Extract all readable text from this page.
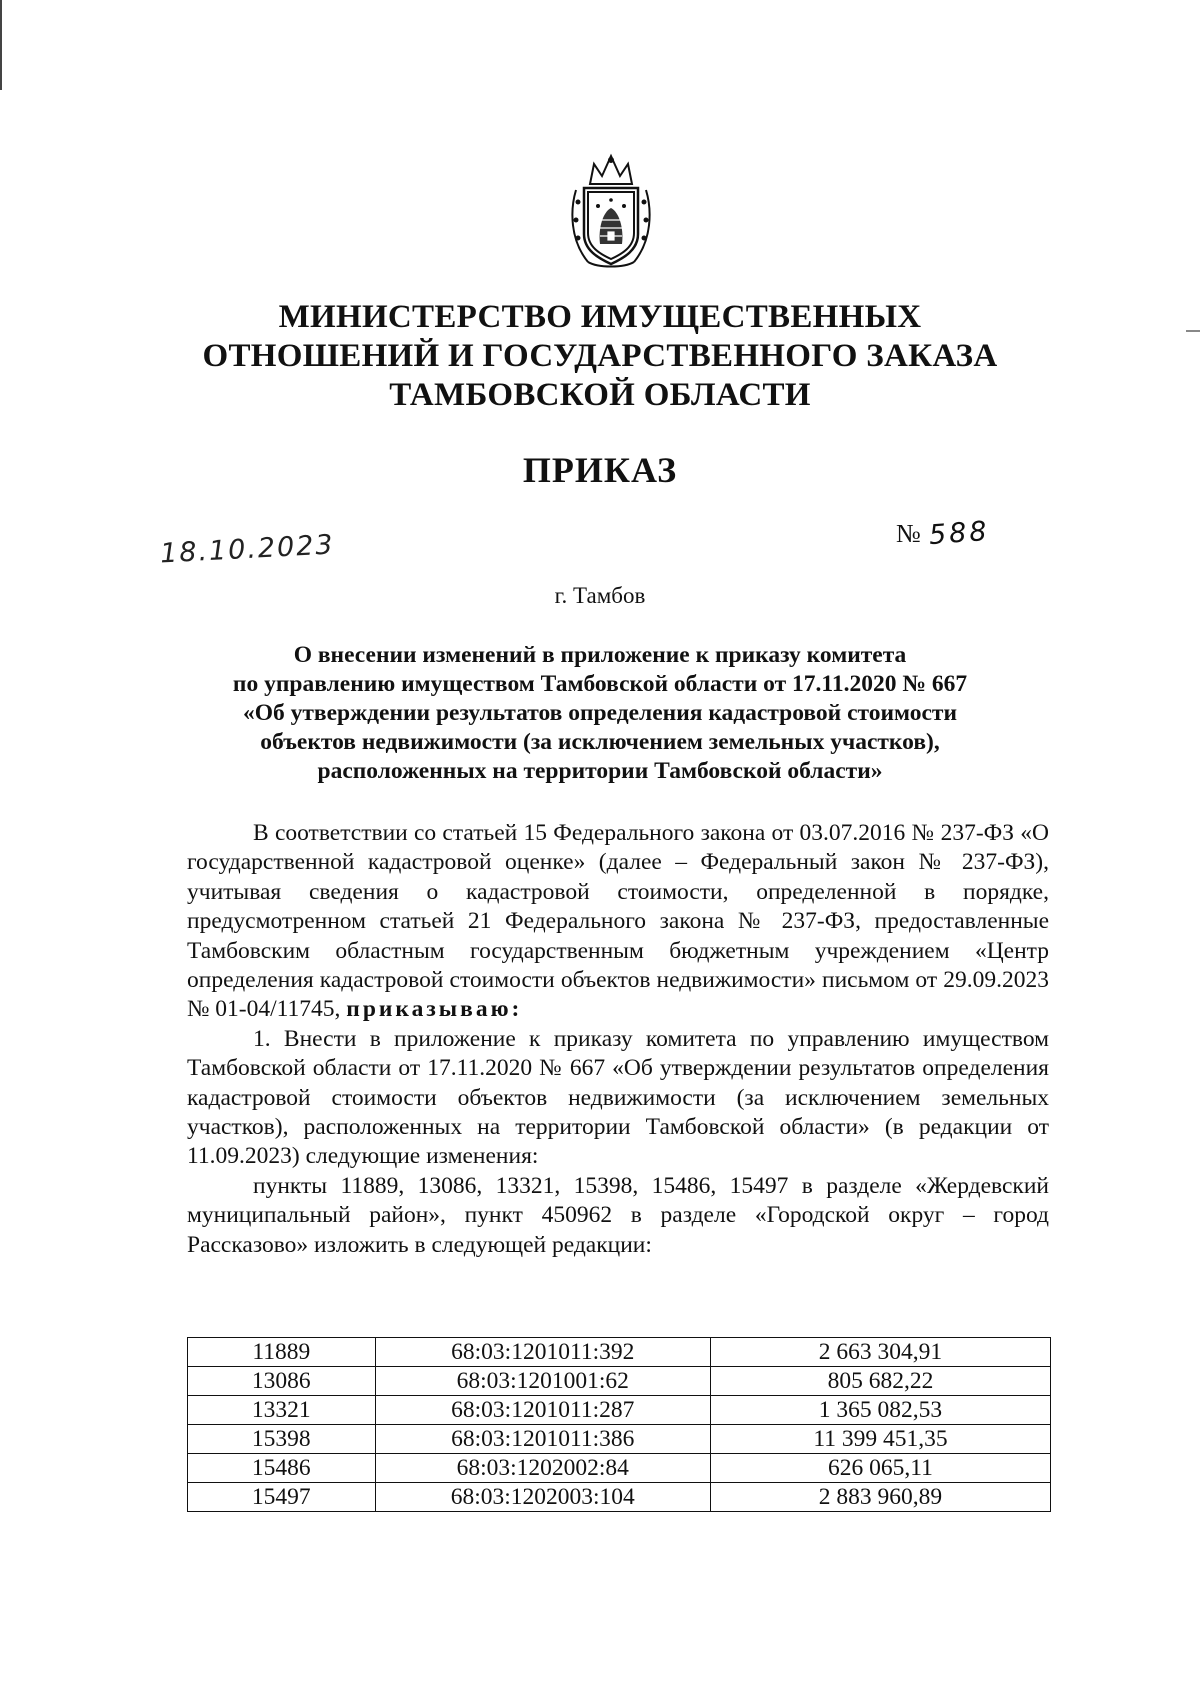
МИНИСТЕРСТВО ИМУЩЕСТВЕННЫХ
ОТНОШЕНИЙ И ГОСУДАРСТВЕННОГО ЗАКАЗА
ТАМБОВСКОЙ ОБЛАСТИ
ПРИКАЗ
18.10.2023	№ 588
г. Тамбов
О внесении изменений в приложение к приказу комитета
по управлению имуществом Тамбовской области от 17.11.2020 № 667
«Об утверждении результатов определения кадастровой стоимости
объектов недвижимости (за исключением земельных участков),
расположенных на территории Тамбовской области»

В соответствии со статьей 15 Федерального закона от 03.07.2016 № 237-ФЗ «О государственной кадастровой оценке» (далее – Федеральный закон № 237-ФЗ), учитывая сведения о кадастровой стоимости, определенной в порядке, предусмотренном статьей 21 Федерального закона № 237-ФЗ, предоставленные Тамбовским областным государственным бюджетным учреждением «Центр определения кадастровой стоимости объектов недвижимости» письмом от 29.09.2023 № 01-04/11745, приказываю:

1. Внести в приложение к приказу комитета по управлению имуществом Тамбовской области от 17.11.2020 № 667 «Об утверждении результатов определения кадастровой стоимости объектов недвижимости (за исключением земельных участков), расположенных на территории Тамбовской области» (в редакции от 11.09.2023) следующие изменения:

пункты 11889, 13086, 13321, 15398, 15486, 15497 в разделе «Жердевский муниципальный район», пункт 450962 в разделе «Городской округ – город Рассказово» изложить в следующей редакции:

11889	68:03:1201011:392	2 663 304,91
13086	68:03:1201001:62	805 682,22
13321	68:03:1201011:287	1 365 082,53
15398	68:03:1201011:386	11 399 451,35
15486	68:03:1202002:84	626 065,11
15497	68:03:1202003:104	2 883 960,89
